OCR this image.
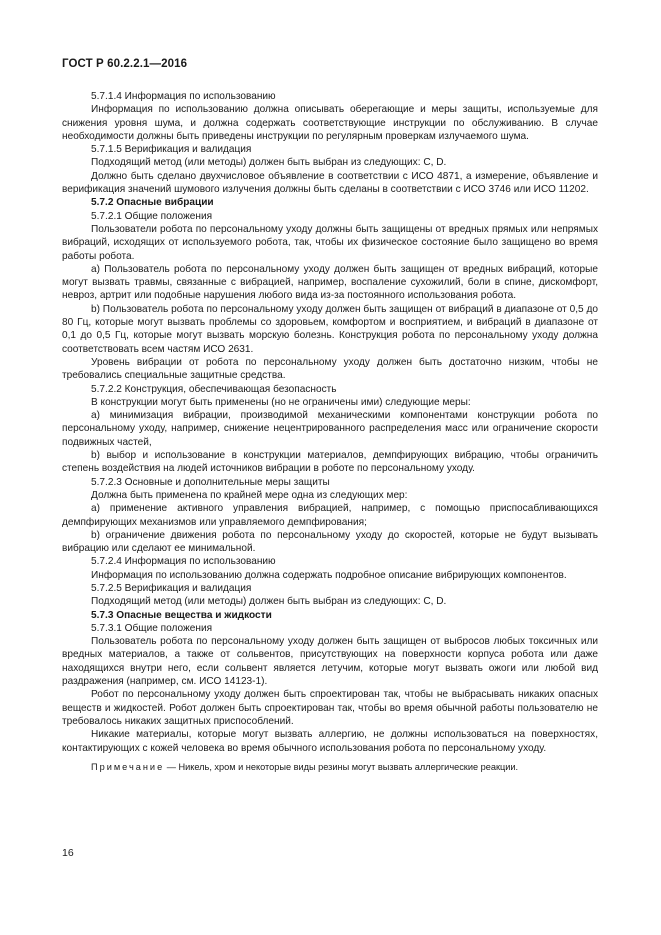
ГОСТ Р 60.2.2.1—2016

5.7.1.4 Информация по использованию

Информация по использованию должна описывать оберегающие и меры защиты, используемые для снижения уровня шума, и должна содержать соответствующие инструкции по обслуживанию. В случае необходимости должны быть приведены инструкции по регулярным проверкам излучаемого шума.

5.7.1.5 Верификация и валидация

Подходящий метод (или методы) должен быть выбран из следующих: С, D.

Должно быть сделано двухчисловое объявление в соответствии с ИСО 4871, а измерение, объявление и верификация значений шумового излучения должны быть сделаны в соответствии с ИСО 3746 или ИСО 11202.

5.7.2 Опасные вибрации

5.7.2.1 Общие положения

Пользователи робота по персональному уходу должны быть защищены от вредных прямых или непрямых вибраций, исходящих от используемого робота, так, чтобы их физическое состояние было защищено во время работы робота.

а) Пользователь робота по персональному уходу должен быть защищен от вредных вибраций, которые могут вызвать травмы, связанные с вибрацией, например, воспаление сухожилий, боли в спине, дискомфорт, невроз, артрит или подобные нарушения любого вида из-за постоянного использования робота.

b) Пользователь робота по персональному уходу должен быть защищен от вибраций в диапазоне от 0,5 до 80 Гц, которые могут вызвать проблемы со здоровьем, комфортом и восприятием, и вибраций в диапазоне от 0,1 до 0,5 Гц, которые могут вызвать морскую болезнь. Конструкция робота по персональному уходу должна соответствовать всем частям ИСО 2631.

Уровень вибрации от робота по персональному уходу должен быть достаточно низким, чтобы не требовались специальные защитные средства.

5.7.2.2 Конструкция, обеспечивающая безопасность

В конструкции могут быть применены (но не ограничены ими) следующие меры:

а) минимизация вибрации, производимой механическими компонентами конструкции робота по персональному уходу, например, снижение нецентрированного распределения масс или ограничение скорости подвижных частей,

b) выбор и использование в конструкции материалов, демпфирующих вибрацию, чтобы ограничить степень воздействия на людей источников вибрации в роботе по персональному уходу.

5.7.2.3 Основные и дополнительные меры защиты

Должна быть применена по крайней мере одна из следующих мер:

а) применение активного управления вибрацией, например, с помощью приспосабливающихся демпфирующих механизмов или управляемого демпфирования;

b) ограничение движения робота по персональному уходу до скоростей, которые не будут вызывать вибрацию или сделают ее минимальной.

5.7.2.4 Информация по использованию

Информация по использованию должна содержать подробное описание вибрирующих компонентов.

5.7.2.5 Верификация и валидация

Подходящий метод (или методы) должен быть выбран из следующих: С, D.

5.7.3 Опасные вещества и жидкости

5.7.3.1 Общие положения

Пользователь робота по персональному уходу должен быть защищен от выбросов любых токсичных или вредных материалов, а также от сольвентов, присутствующих на поверхности корпуса робота или даже находящихся внутри него, если сольвент является летучим, которые могут вызвать ожоги или любой вид раздражения (например, см. ИСО 14123-1).

Робот по персональному уходу должен быть спроектирован так, чтобы не выбрасывать никаких опасных веществ и жидкостей. Робот должен быть спроектирован так, чтобы во время обычной работы пользователю не требовалось никаких защитных приспособлений.

Никакие материалы, которые могут вызвать аллергию, не должны использоваться на поверхностях, контактирующих с кожей человека во время обычного использования робота по персональному уходу.

Примечание — Никель, хром и некоторые виды резины могут вызвать аллергические реакции.

16
